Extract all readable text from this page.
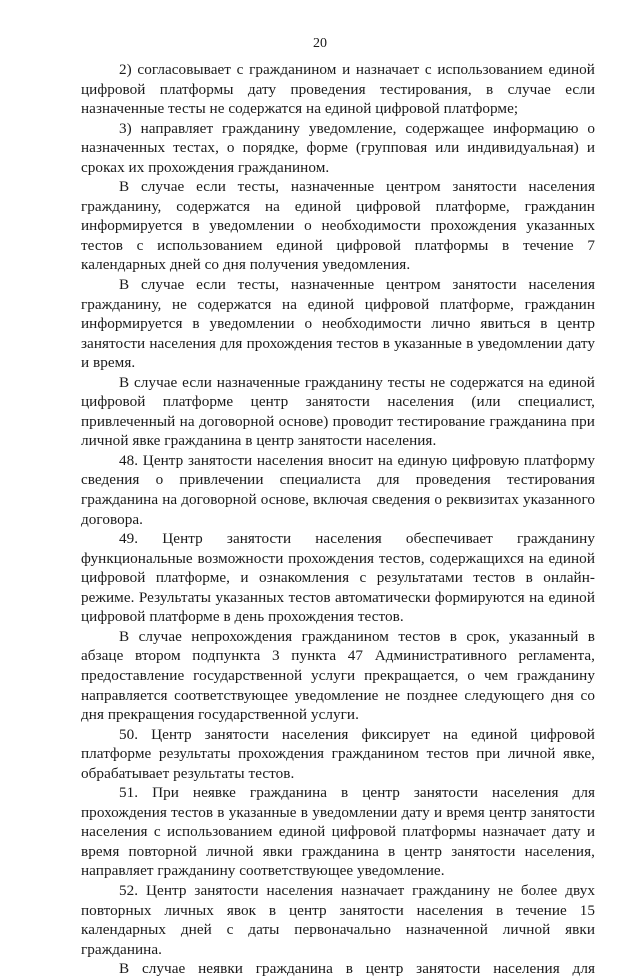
20

2) согласовывает с гражданином и назначает с использованием единой цифровой платформы дату проведения тестирования, в случае если назначенные тесты не содержатся на единой цифровой платформе;

3) направляет гражданину уведомление, содержащее информацию о назначенных тестах, о порядке, форме (групповая или индивидуальная) и сроках их прохождения гражданином.

В случае если тесты, назначенные центром занятости населения гражданину, содержатся на единой цифровой платформе, гражданин информируется в уведомлении о необходимости прохождения указанных тестов с использованием единой цифровой платформы в течение 7 календарных дней со дня получения уведомления.

В случае если тесты, назначенные центром занятости населения гражданину, не содержатся на единой цифровой платформе, гражданин информируется в уведомлении о необходимости лично явиться в центр занятости населения для прохождения тестов в указанные в уведомлении дату и время.

В случае если назначенные гражданину тесты не содержатся на единой цифровой платформе центр занятости населения (или специалист, привлеченный на договорной основе) проводит тестирование гражданина при личной явке гражданина в центр занятости населения.

48. Центр занятости населения вносит на единую цифровую платформу сведения о привлечении специалиста для проведения тестирования гражданина на договорной основе, включая сведения о реквизитах указанного договора.

49. Центр занятости населения обеспечивает гражданину функциональные возможности прохождения тестов, содержащихся на единой цифровой платформе, и ознакомления с результатами тестов в онлайн-режиме. Результаты указанных тестов автоматически формируются на единой цифровой платформе в день прохождения тестов.

В случае непрохождения гражданином тестов в срок, указанный в абзаце втором подпункта 3 пункта 47 Административного регламента, предоставление государственной услуги прекращается, о чем гражданину направляется соответствующее уведомление не позднее следующего дня со дня прекращения государственной услуги.

50. Центр занятости населения фиксирует на единой цифровой платформе результаты прохождения гражданином тестов при личной явке, обрабатывает результаты тестов.

51. При неявке гражданина в центр занятости населения для прохождения тестов в указанные в уведомлении дату и время центр занятости населения с использованием единой цифровой платформы назначает дату и время повторной личной явки гражданина в центр занятости населения, направляет гражданину соответствующее уведомление.

52. Центр занятости населения назначает гражданину не более двух повторных личных явок в центр занятости населения в течение 15 календарных дней с даты первоначально назначенной личной явки гражданина.

В случае неявки гражданина в центр занятости населения для
